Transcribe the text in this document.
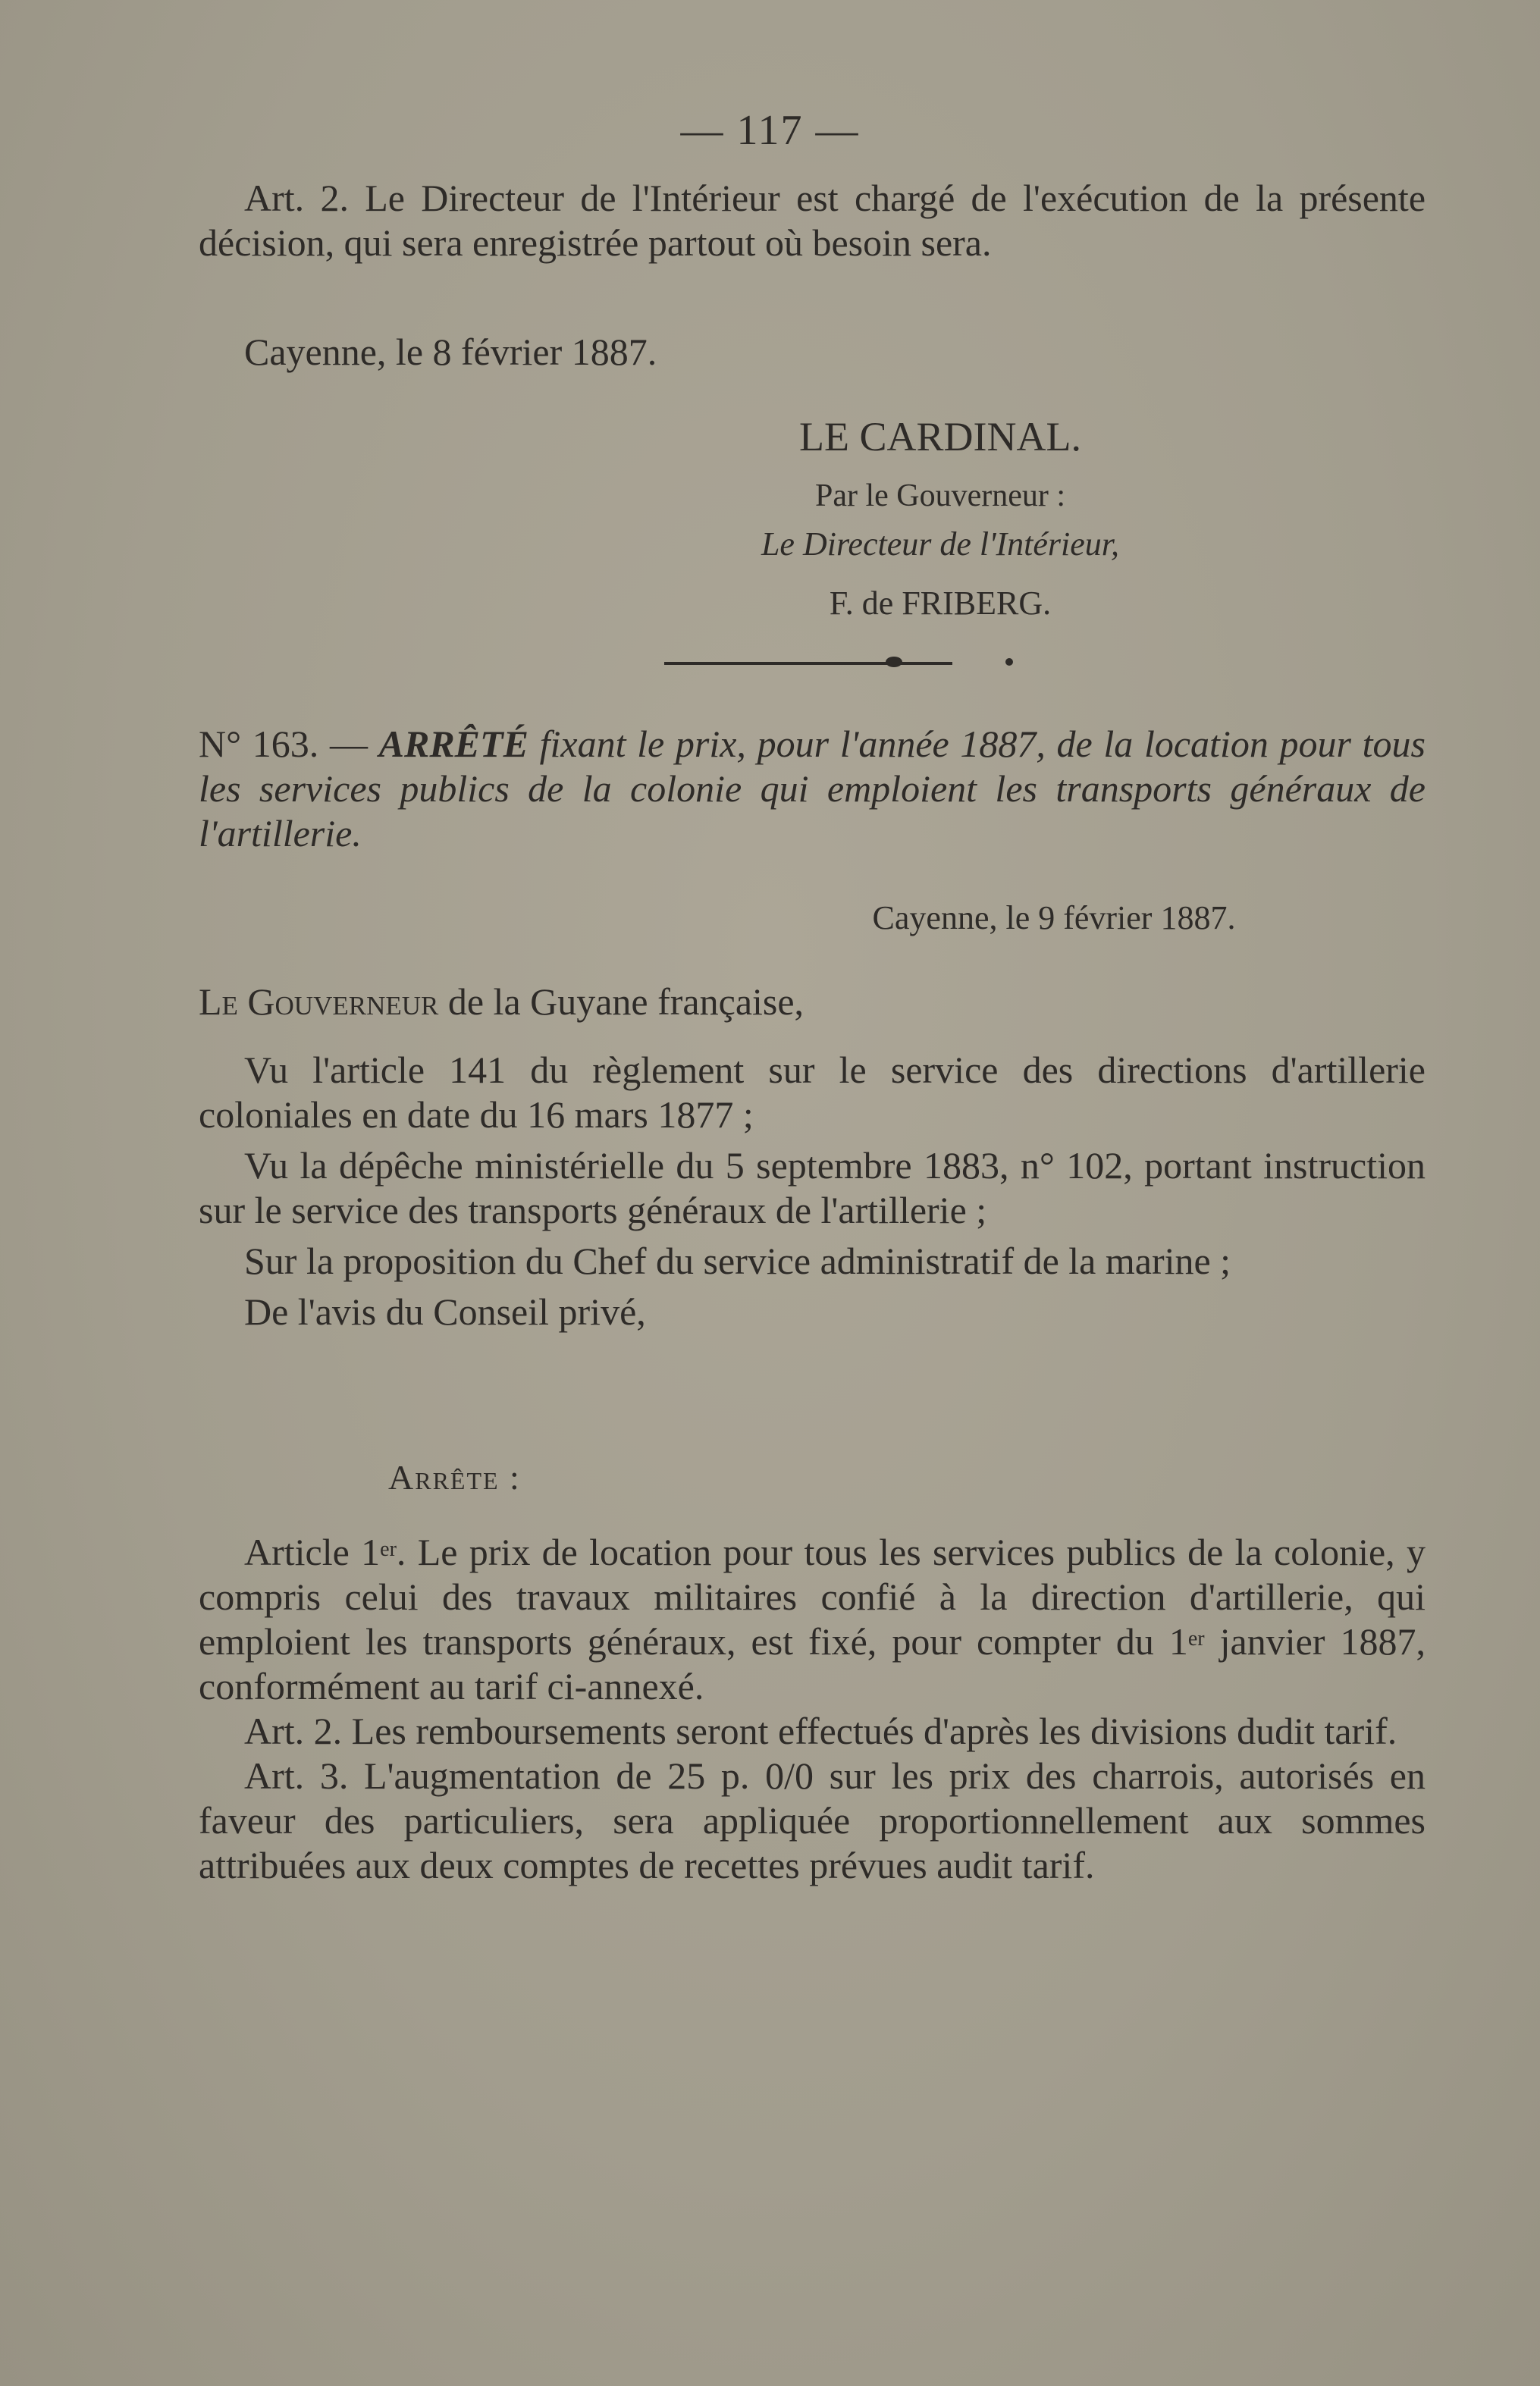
— 117 —

Art. 2. Le Directeur de l'Intérieur est chargé de l'exécution de la présente décision, qui sera enregistrée partout où besoin sera.

Cayenne, le 8 février 1887.

LE CARDINAL.
Par le Gouverneur :
Le Directeur de l'Intérieur,
F. de FRIBERG.

N° 163. — ARRÊTÉ fixant le prix, pour l'année 1887, de la location pour tous les services publics de la colonie qui emploient les transports généraux de l'artillerie.

Cayenne, le 9 février 1887.

Le Gouverneur de la Guyane française,

Vu l'article 141 du règlement sur le service des directions d'artillerie coloniales en date du 16 mars 1877 ;

Vu la dépêche ministérielle du 5 septembre 1883, n° 102, portant instruction sur le service des transports généraux de l'artillerie ;

Sur la proposition du Chef du service administratif de la marine ;

De l'avis du Conseil privé,

Arrête :

Article 1er. Le prix de location pour tous les services publics de la colonie, y compris celui des travaux militaires confié à la direction d'artillerie, qui emploient les transports généraux, est fixé, pour compter du 1er janvier 1887, conformément au tarif ci-annexé.

Art. 2. Les remboursements seront effectués d'après les divisions dudit tarif.

Art. 3. L'augmentation de 25 p. 0/0 sur les prix des charrois, autorisés en faveur des particuliers, sera appliquée proportionnellement aux sommes attribuées aux deux comptes de recettes prévues audit tarif.
